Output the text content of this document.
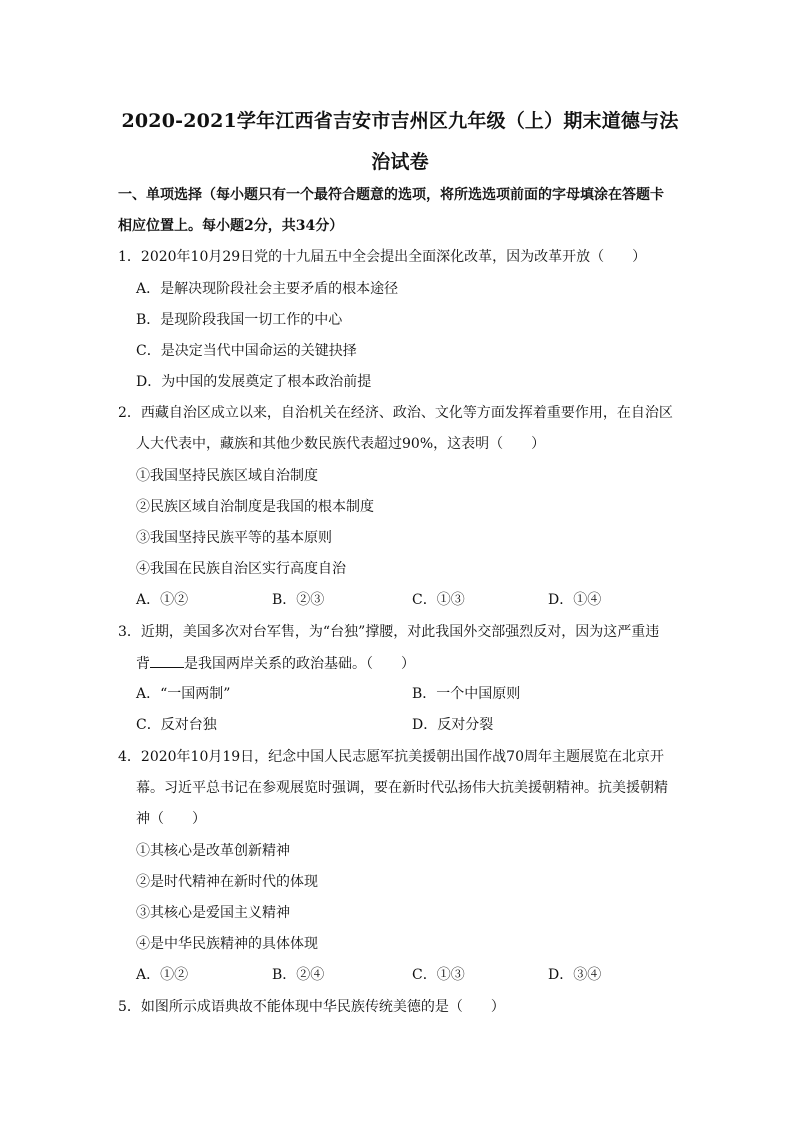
2020-2021学年江西省吉安市吉州区九年级（上）期末道德与法
治试卷
一、单项选择（每小题只有一个最符合题意的选项，将所选选项前面的字母填涂在答题卡
相应位置上。每小题2分，共34分）
1．2020年10月29日党的十九届五中全会提出全面深化改革，因为改革开放（　　）
A．是解决现阶段社会主要矛盾的根本途径
B．是现阶段我国一切工作的中心
C．是决定当代中国命运的关键抉择
D．为中国的发展奠定了根本政治前提
2．西藏自治区成立以来，自治机关在经济、政治、文化等方面发挥着重要作用，在自治区
人大代表中，藏族和其他少数民族代表超过90%，这表明（　　）
①我国坚持民族区域自治制度
②民族区域自治制度是我国的根本制度
③我国坚持民族平等的基本原则
④我国在民族自治区实行高度自治
A．①②	B．②③	C．①③	D．①④
3．近期，美国多次对台军售，为“台独”撑腰，对此我国外交部强烈反对，因为这严重违
背 是我国两岸关系的政治基础。（　　）
A．“一国两制”	B．一个中国原则
C．反对台独	D．反对分裂
4．2020年10月19日，纪念中国人民志愿军抗美援朝出国作战70周年主题展览在北京开
幕。习近平总书记在参观展览时强调，要在新时代弘扬伟大抗美援朝精神。抗美援朝精
神（　　）
①其核心是改革创新精神
②是时代精神在新时代的体现
③其核心是爱国主义精神
④是中华民族精神的具体体现
A．①②	B．②④	C．①③	D．③④
5．如图所示成语典故不能体现中华民族传统美德的是（　　）
